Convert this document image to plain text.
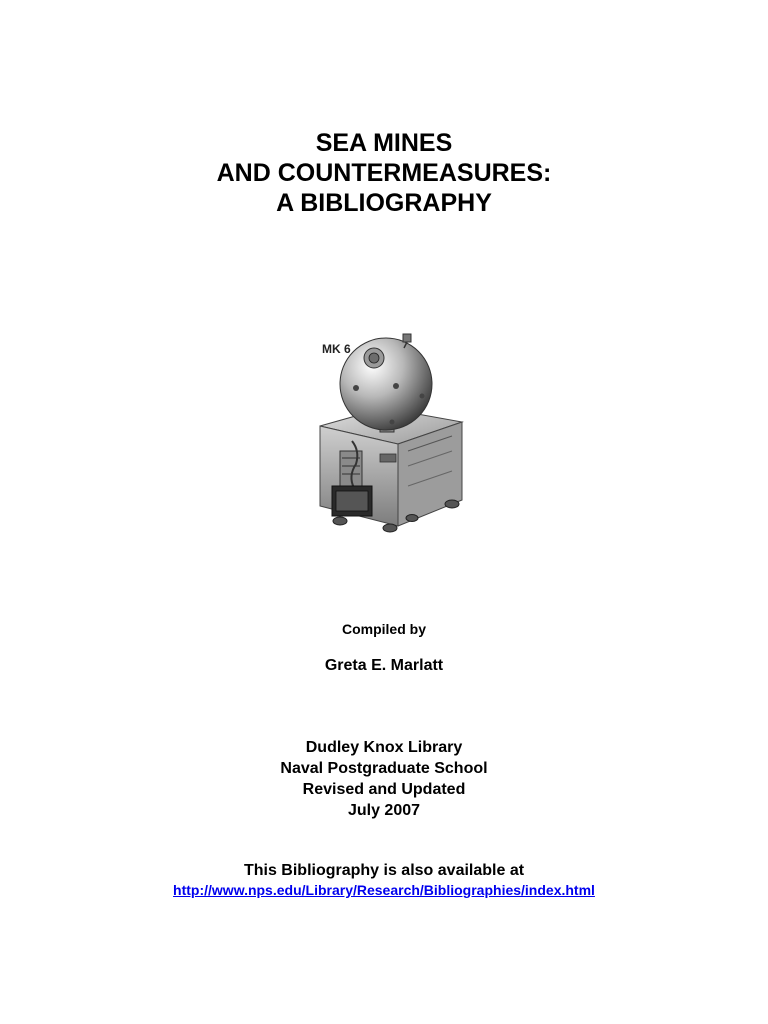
SEA MINES
AND COUNTERMEASURES:
A BIBLIOGRAPHY
MK 6
Compiled by
Greta E. Marlatt
Dudley Knox Library
Naval Postgraduate School
Revised and Updated
July 2007
This Bibliography is also available at
http://www.nps.edu/Library/Research/Bibliographies/index.html
